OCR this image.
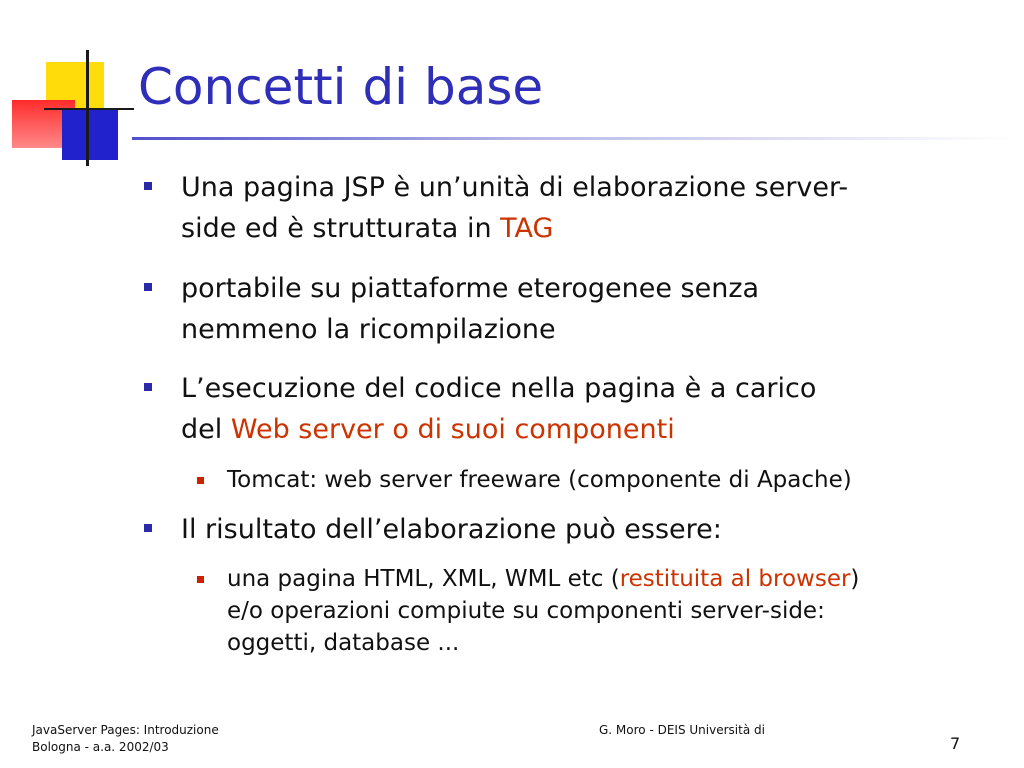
Concetti di base
Una pagina JSP è un’unità di elaborazione server-
side ed è strutturata in TAG
portabile su piattaforme eterogenee senza
nemmeno la ricompilazione
L’esecuzione del codice nella pagina è a carico
del Web server o di suoi componenti
Tomcat: web server freeware (componente di Apache)
Il risultato dell’elaborazione può essere:
una pagina HTML, XML, WML etc (restituita al browser)
e/o operazioni compiute su componenti server-side:
oggetti, database ...
JavaServer Pages: Introduzione
Bologna - a.a. 2002/03
G. Moro - DEIS Università di
7
